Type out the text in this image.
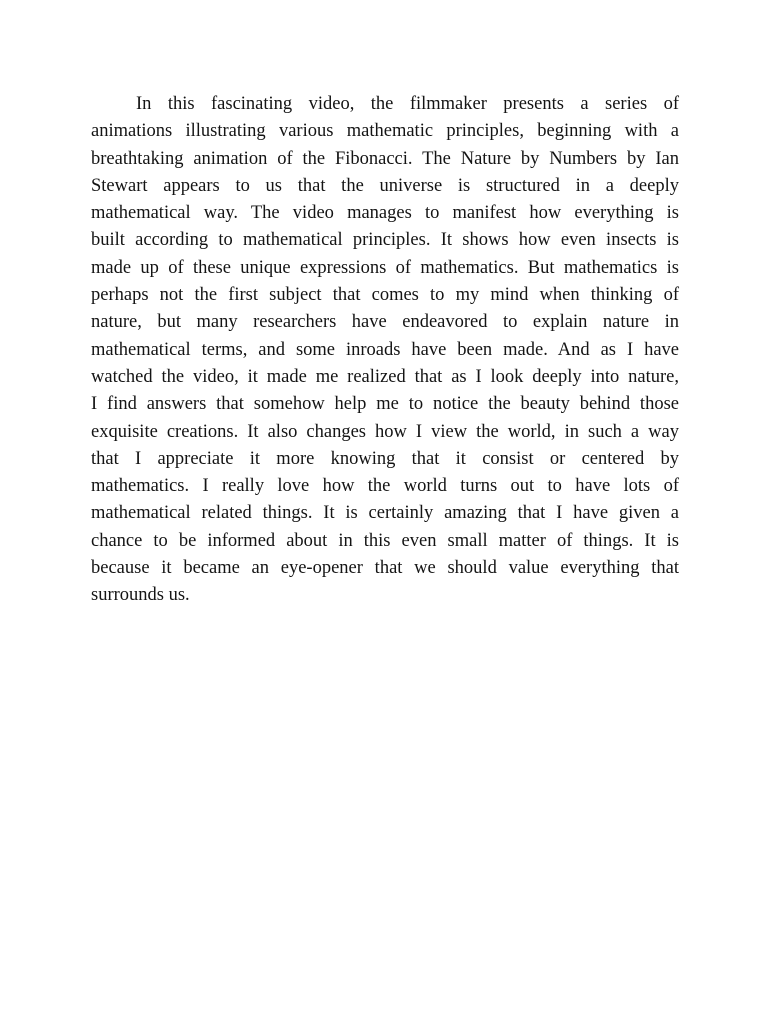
In this fascinating video, the filmmaker presents a series of
animations illustrating various mathematic principles, beginning with a
breathtaking animation of the Fibonacci. The Nature by Numbers by Ian
Stewart appears to us that the universe is structured in a deeply
mathematical way. The video manages to manifest how everything is
built according to mathematical principles. It shows how even insects is
made up of these unique expressions of mathematics. But mathematics is
perhaps not the first subject that comes to my mind when thinking of
nature, but many researchers have endeavored to explain nature in
mathematical terms, and some inroads have been made. And as I have
watched the video, it made me realized that as I look deeply into nature,
I find answers that somehow help me to notice the beauty behind those
exquisite creations. It also changes how I view the world, in such a way
that I appreciate it more knowing that it consist or centered by
mathematics. I really love how the world turns out to have lots of
mathematical related things. It is certainly amazing that I have given a
chance to be informed about in this even small matter of things. It is
because it became an eye-opener that we should value everything that
surrounds us.
